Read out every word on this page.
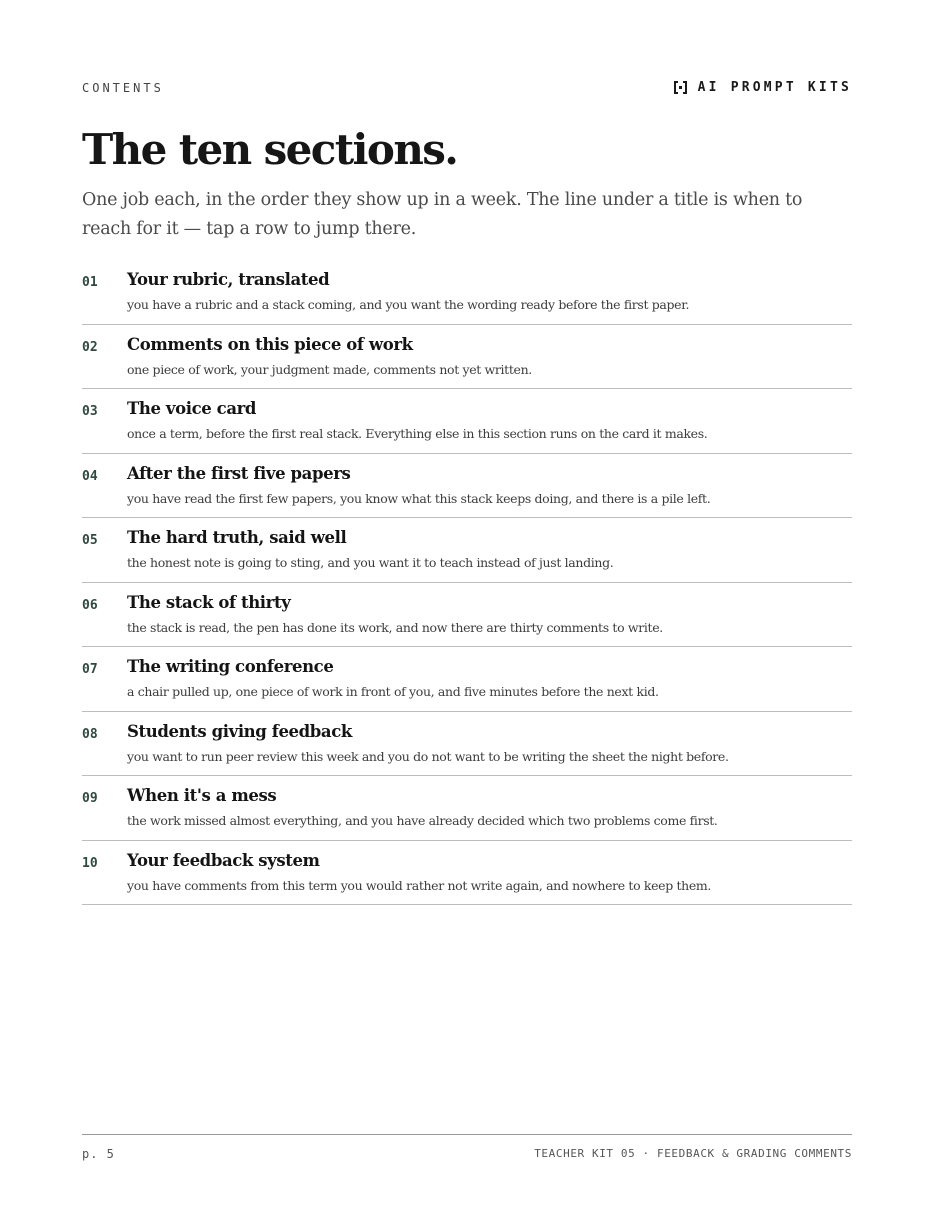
CONTENTS	AI PROMPT KITS
The ten sections.

One job each, in the order they show up in a week. The line under a title is when to reach for it — tap a row to jump there.

01 Your rubric, translated
you have a rubric and a stack coming, and you want the wording ready before the first paper.
02 Comments on this piece of work
one piece of work, your judgment made, comments not yet written.
03 The voice card
once a term, before the first real stack. Everything else in this section runs on the card it makes.
04 After the first five papers
you have read the first few papers, you know what this stack keeps doing, and there is a pile left.
05 The hard truth, said well
the honest note is going to sting, and you want it to teach instead of just landing.
06 The stack of thirty
the stack is read, the pen has done its work, and now there are thirty comments to write.
07 The writing conference
a chair pulled up, one piece of work in front of you, and five minutes before the next kid.
08 Students giving feedback
you want to run peer review this week and you do not want to be writing the sheet the night before.
09 When it's a mess
the work missed almost everything, and you have already decided which two problems come first.
10 Your feedback system
you have comments from this term you would rather not write again, and nowhere to keep them.
p. 5	TEACHER KIT 05 · FEEDBACK & GRADING COMMENTS
